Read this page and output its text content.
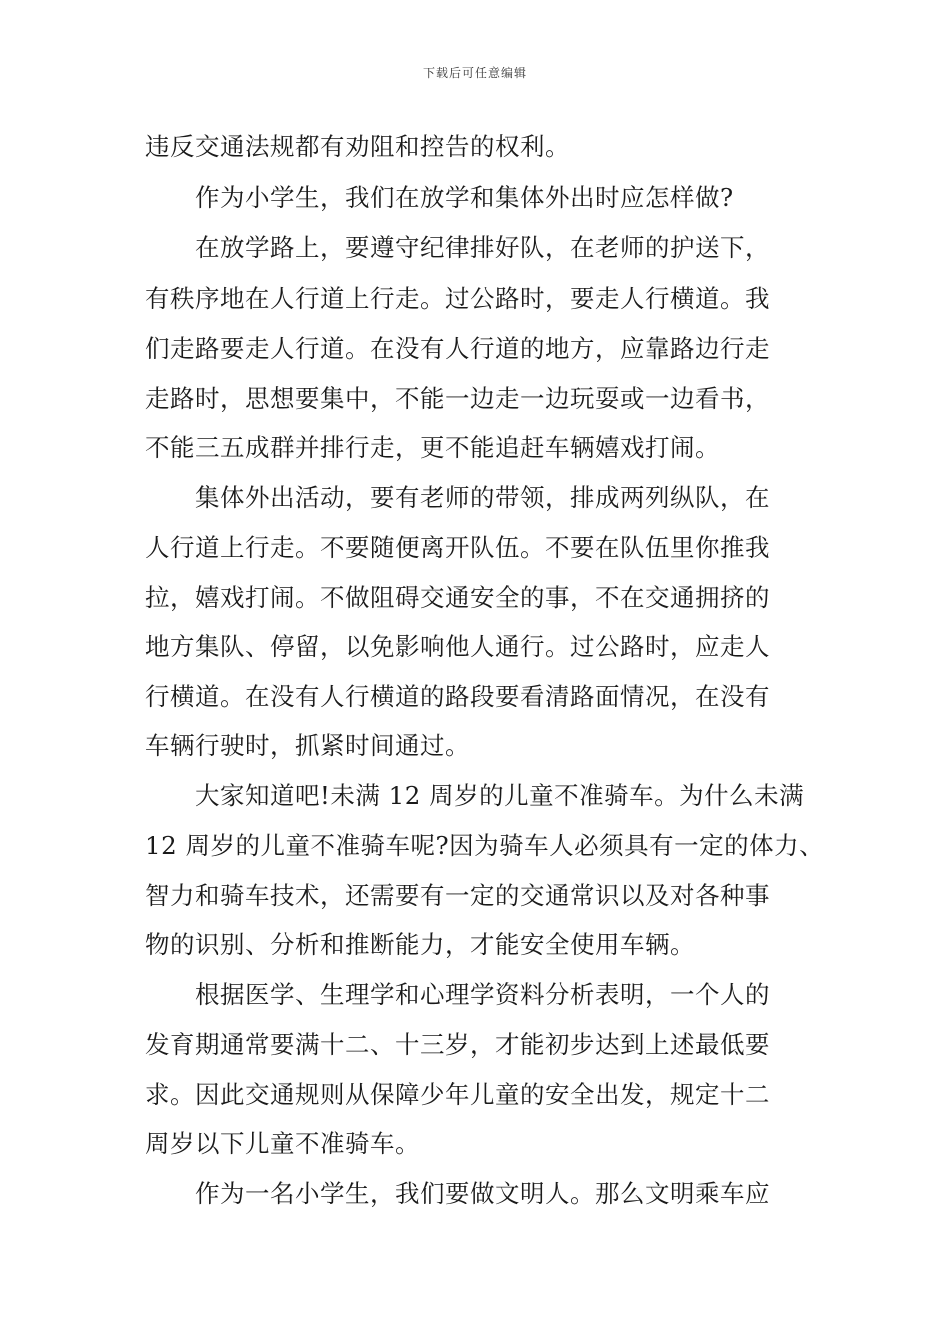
下载后可任意编辑
违反交通法规都有劝阻和控告的权利。
作为小学生，我们在放学和集体外出时应怎样做?
在放学路上，要遵守纪律排好队，在老师的护送下，
有秩序地在人行道上行走。过公路时，要走人行横道。我
们走路要走人行道。在没有人行道的地方，应靠路边行走
走路时，思想要集中，不能一边走一边玩耍或一边看书，
不能三五成群并排行走，更不能追赶车辆嬉戏打闹。
集体外出活动，要有老师的带领，排成两列纵队，在
人行道上行走。不要随便离开队伍。不要在队伍里你推我
拉，嬉戏打闹。不做阻碍交通安全的事，不在交通拥挤的
地方集队、停留，以免影响他人通行。过公路时，应走人
行横道。在没有人行横道的路段要看清路面情况，在没有
车辆行驶时，抓紧时间通过。
大家知道吧!未满 12 周岁的儿童不准骑车。为什么未满
12 周岁的儿童不准骑车呢?因为骑车人必须具有一定的体力、
智力和骑车技术，还需要有一定的交通常识以及对各种事
物的识别、分析和推断能力，才能安全使用车辆。
根据医学、生理学和心理学资料分析表明，一个人的
发育期通常要满十二、十三岁，才能初步达到上述最低要
求。因此交通规则从保障少年儿童的安全出发，规定十二
周岁以下儿童不准骑车。
作为一名小学生，我们要做文明人。那么文明乘车应
